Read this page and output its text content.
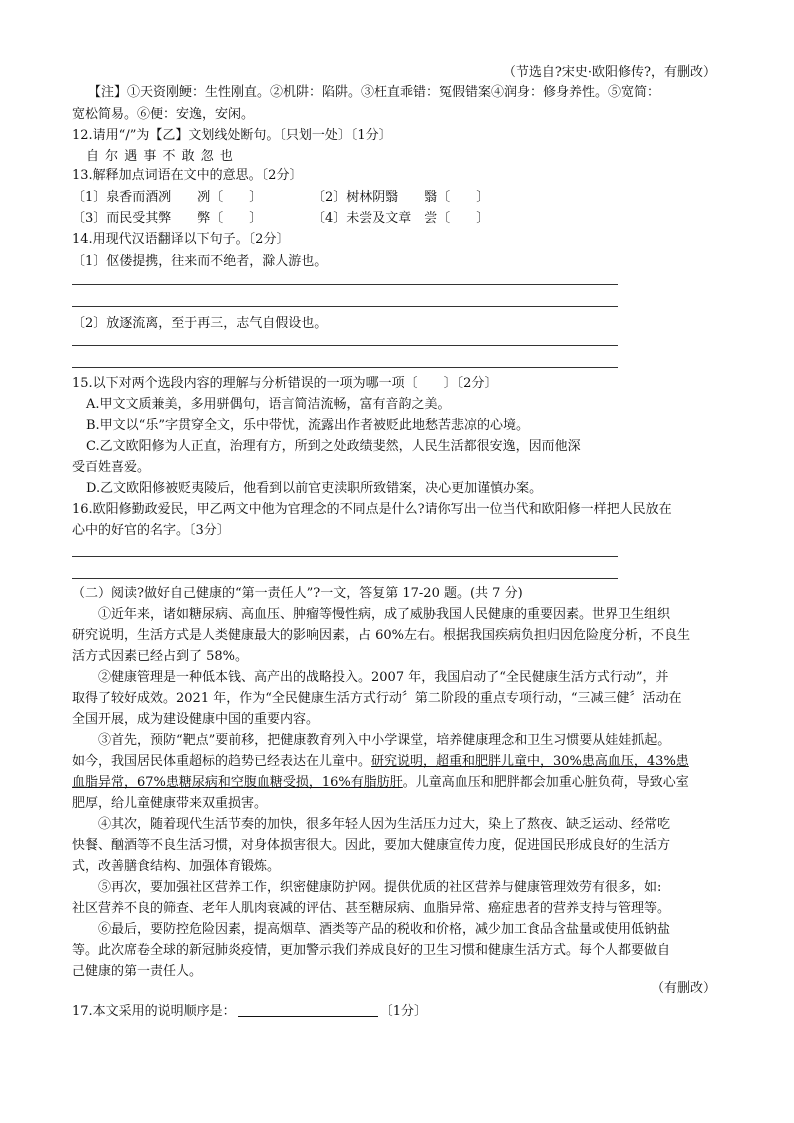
（节选自?宋史·欧阳修传?，有删改）
【注】①天资刚鲠：生性刚直。②机阱：陷阱。③枉直乖错：冤假错案④润身：修身养性。⑤宽简：
宽松简易。⑥便：安逸，安闲。
12.请用“/”为【乙】文划线处断句。〔只划一处〕〔1分〕
自 尔 遇 事 不 敢 忽 也
13.解释加点词语在文中的意思。〔2分〕
〔1〕泉香而酒冽　　冽〔　　〕	〔2〕树林阴翳　　翳〔　　〕
〔3〕而民受其弊　　弊〔　　〕	〔4〕未尝及文章　尝〔　　〕
14.用现代汉语翻译以下句子。〔2分〕
〔1〕伛偻提携，往来而不绝者，滁人游也。
〔2〕放逐流离，至于再三，志气自假设也。
15.以下对两个选段内容的理解与分析错误的一项为哪一项〔　　〕〔2分〕
A.甲文文质兼美，多用骈偶句，语言简洁流畅，富有音韵之美。
B.甲文以“乐”字贯穿全文，乐中带忧，流露出作者被贬此地愁苦悲凉的心境。
C.乙文欧阳修为人正直，治理有方，所到之处政绩斐然，人民生活都很安逸，因而他深
受百姓喜爱。
D.乙文欧阳修被贬夷陵后，他看到以前官吏渎职所致错案，决心更加谨慎办案。
16.欧阳修勤政爱民，甲乙两文中他为官理念的不同点是什么?请你写出一位当代和欧阳修一样把人民放在
心中的好官的名字。〔3分〕
（二）阅读?做好自己健康的“第一责任人”?一文，答复第 17-20 题。(共 7 分)
①近年来，诸如糖尿病、高血压、肿瘤等慢性病，成了威胁我国人民健康的重要因素。世界卫生组织
研究说明，生活方式是人类健康最大的影响因素，占 60%左右。根据我国疾病负担归因危险度分析，不良生
活方式因素已经占到了 58%。
②健康管理是一种低本钱、高产出的战略投入。2007 年，我国启动了“全民健康生活方式行动”，并
取得了较好成效。2021 年，作为“全民健康生活方式行动〞第二阶段的重点专项行动，“三减三健〞活动在
全国开展，成为建设健康中国的重要内容。
③首先，预防“靶点”要前移，把健康教育列入中小学课堂，培养健康理念和卫生习惯要从娃娃抓起。
如今，我国居民体重超标的趋势已经表达在儿童中。研究说明，超重和肥胖儿童中，30%患高血压，43%患
血脂异常，67%患糖尿病和空腹血糖受损，16%有脂肪肝。儿童高血压和肥胖都会加重心脏负荷，导致心室
肥厚，给儿童健康带来双重损害。
④其次，随着现代生活节奏的加快，很多年轻人因为生活压力过大，染上了熬夜、缺乏运动、经常吃
快餐、酗酒等不良生活习惯，对身体损害很大。因此，要加大健康宣传力度，促进国民形成良好的生活方
式，改善膳食结构、加强体育锻炼。
⑤再次，要加强社区营养工作，织密健康防护网。提供优质的社区营养与健康管理效劳有很多，如:
社区营养不良的筛查、老年人肌肉衰减的评估、甚至糖尿病、血脂异常、癌症患者的营养支持与管理等。
⑥最后，要防控危险因素，提高烟草、酒类等产品的税收和价格，减少加工食品含盐量或使用低钠盐
等。此次席卷全球的新冠肺炎疫情，更加警示我们养成良好的卫生习惯和健康生活方式。每个人都要做自
己健康的第一责任人。
（有删改）
17.本文采用的说明顺序是：	〔1分〕
